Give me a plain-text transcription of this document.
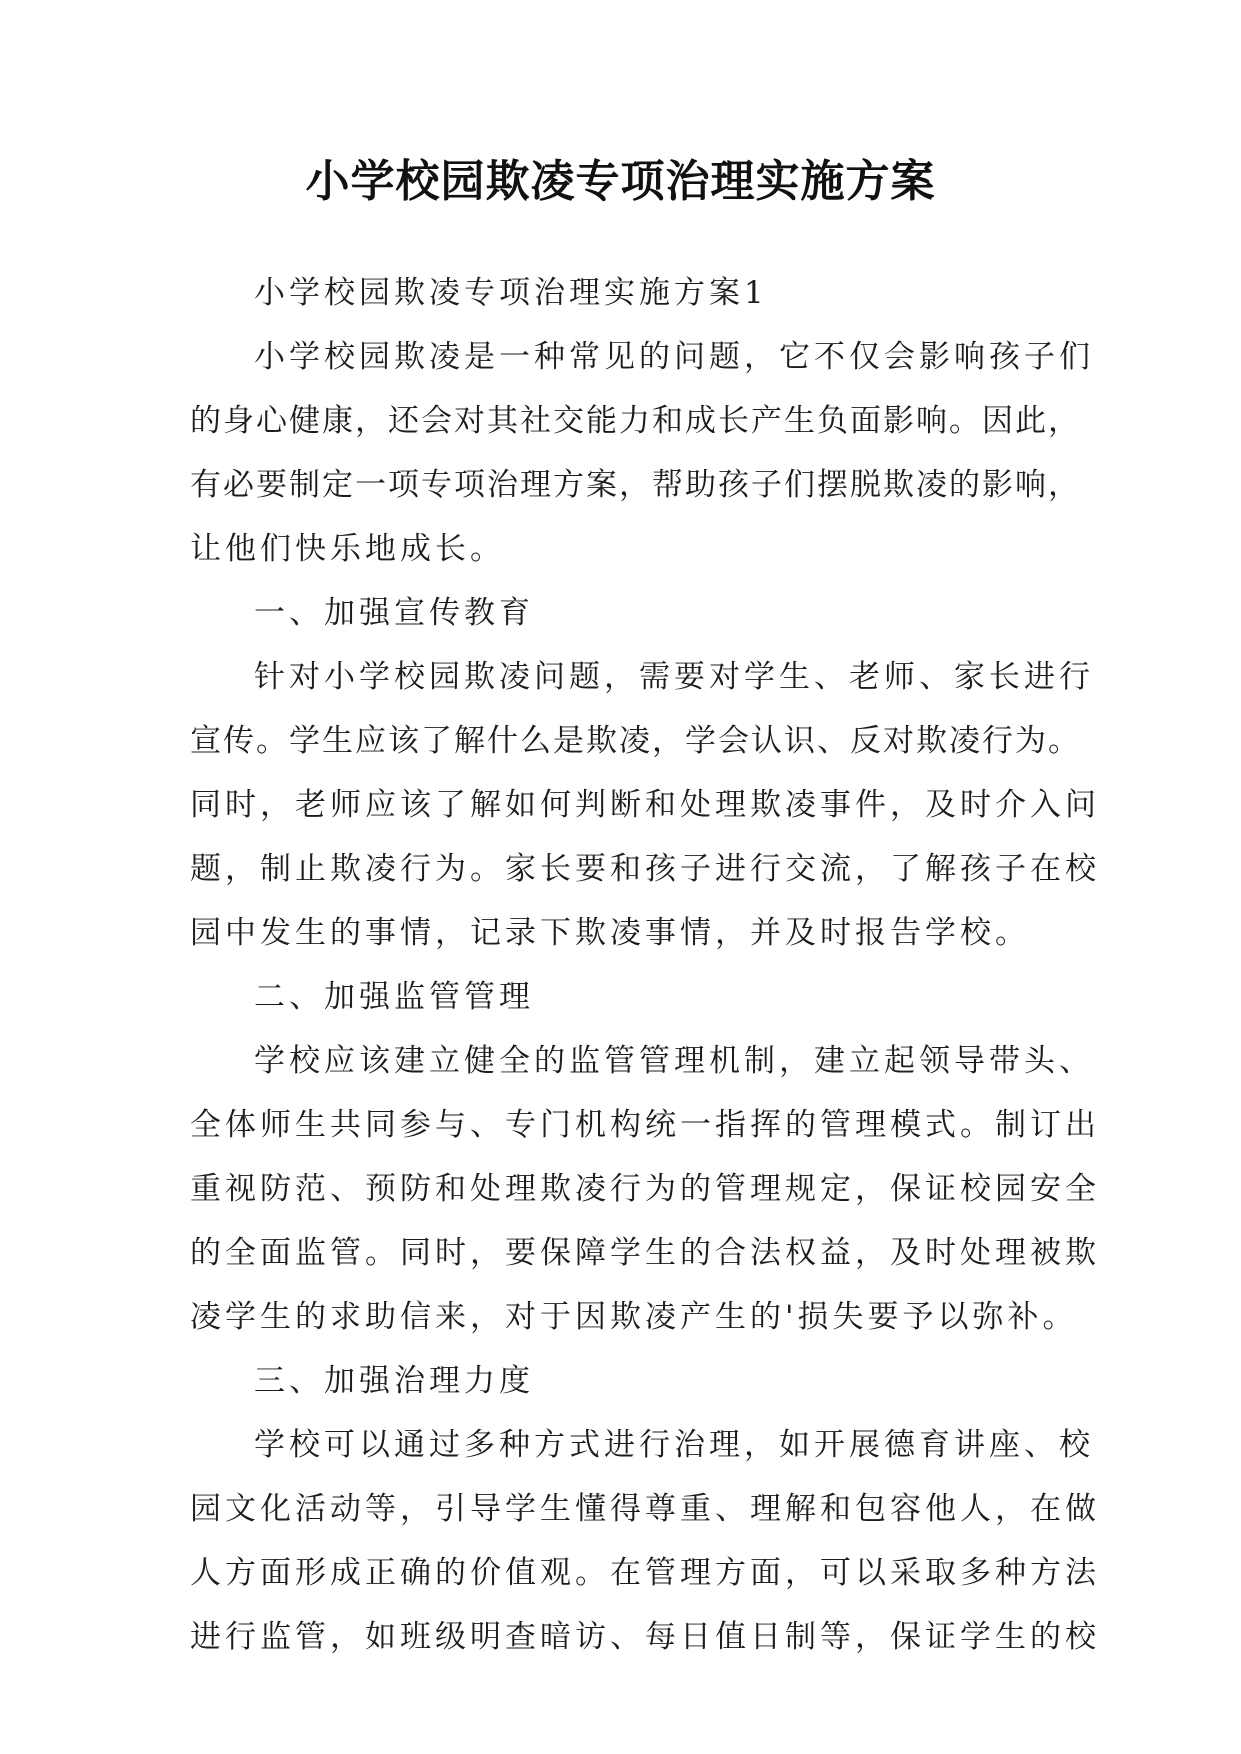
小学校园欺凌专项治理实施方案
小学校园欺凌专项治理实施方案1
小学校园欺凌是一种常见的问题，它不仅会影响孩子们
的身心健康，还会对其社交能力和成长产生负面影响。因此，
有必要制定一项专项治理方案，帮助孩子们摆脱欺凌的影响，
让他们快乐地成长。
一、加强宣传教育
针对小学校园欺凌问题，需要对学生、老师、家长进行
宣传。学生应该了解什么是欺凌，学会认识、反对欺凌行为。
同时，老师应该了解如何判断和处理欺凌事件，及时介入问
题，制止欺凌行为。家长要和孩子进行交流，了解孩子在校
园中发生的事情，记录下欺凌事情，并及时报告学校。
二、加强监管管理
学校应该建立健全的监管管理机制，建立起领导带头、
全体师生共同参与、专门机构统一指挥的管理模式。制订出
重视防范、预防和处理欺凌行为的管理规定，保证校园安全
的全面监管。同时，要保障学生的合法权益，及时处理被欺
凌学生的求助信来，对于因欺凌产生的'损失要予以弥补。
三、加强治理力度
学校可以通过多种方式进行治理，如开展德育讲座、校
园文化活动等，引导学生懂得尊重、理解和包容他人，在做
人方面形成正确的价值观。在管理方面，可以采取多种方法
进行监管，如班级明查暗访、每日值日制等，保证学生的校
